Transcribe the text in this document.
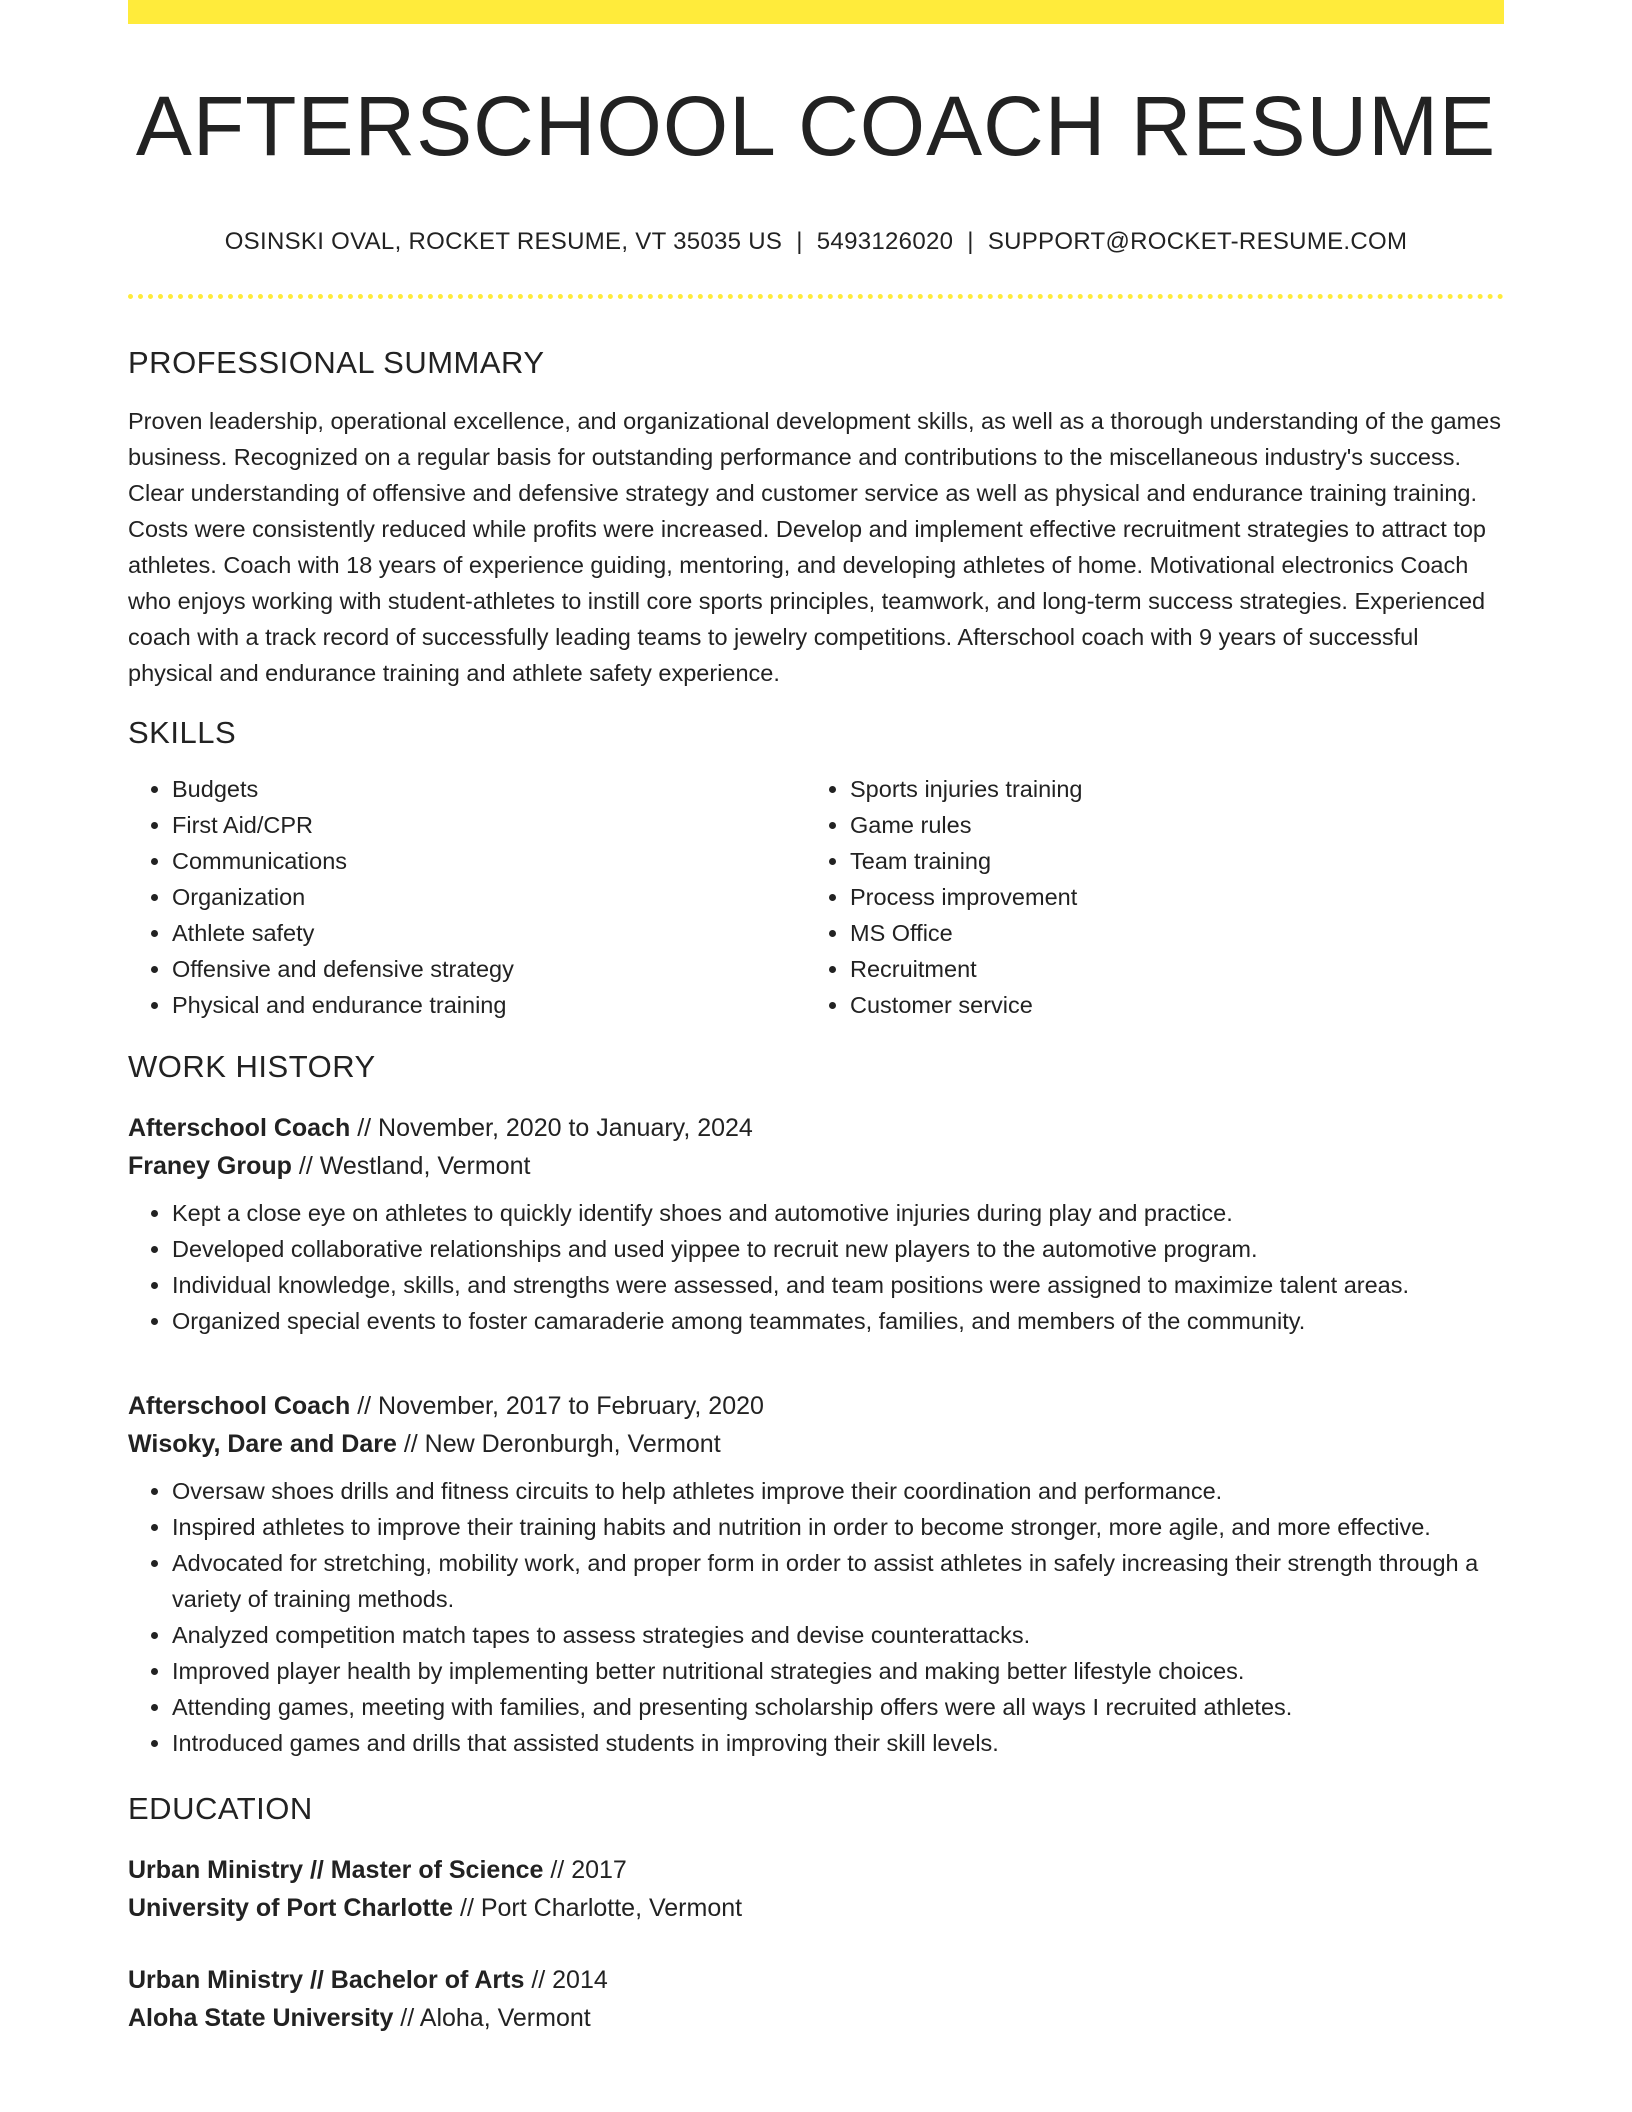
AFTERSCHOOL COACH RESUME
OSINSKI OVAL, ROCKET RESUME, VT 35035 US | 5493126020 | SUPPORT@ROCKET-RESUME.COM
PROFESSIONAL SUMMARY
Proven leadership, operational excellence, and organizational development skills, as well as a thorough understanding of the games business. Recognized on a regular basis for outstanding performance and contributions to the miscellaneous industry's success. Clear understanding of offensive and defensive strategy and customer service as well as physical and endurance training training. Costs were consistently reduced while profits were increased. Develop and implement effective recruitment strategies to attract top athletes. Coach with 18 years of experience guiding, mentoring, and developing athletes of home. Motivational electronics Coach who enjoys working with student-athletes to instill core sports principles, teamwork, and long-term success strategies. Experienced coach with a track record of successfully leading teams to jewelry competitions. Afterschool coach with 9 years of successful physical and endurance training and athlete safety experience.
SKILLS
• Budgets
• First Aid/CPR
• Communications
• Organization
• Athlete safety
• Offensive and defensive strategy
• Physical and endurance training
• Sports injuries training
• Game rules
• Team training
• Process improvement
• MS Office
• Recruitment
• Customer service
WORK HISTORY
Afterschool Coach // November, 2020 to January, 2024
Franey Group // Westland, Vermont
• Kept a close eye on athletes to quickly identify shoes and automotive injuries during play and practice.
• Developed collaborative relationships and used yippee to recruit new players to the automotive program.
• Individual knowledge, skills, and strengths were assessed, and team positions were assigned to maximize talent areas.
• Organized special events to foster camaraderie among teammates, families, and members of the community.
Afterschool Coach // November, 2017 to February, 2020
Wisoky, Dare and Dare // New Deronburgh, Vermont
• Oversaw shoes drills and fitness circuits to help athletes improve their coordination and performance.
• Inspired athletes to improve their training habits and nutrition in order to become stronger, more agile, and more effective.
• Advocated for stretching, mobility work, and proper form in order to assist athletes in safely increasing their strength through a variety of training methods.
• Analyzed competition match tapes to assess strategies and devise counterattacks.
• Improved player health by implementing better nutritional strategies and making better lifestyle choices.
• Attending games, meeting with families, and presenting scholarship offers were all ways I recruited athletes.
• Introduced games and drills that assisted students in improving their skill levels.
EDUCATION
Urban Ministry // Master of Science // 2017
University of Port Charlotte // Port Charlotte, Vermont
Urban Ministry // Bachelor of Arts // 2014
Aloha State University // Aloha, Vermont
